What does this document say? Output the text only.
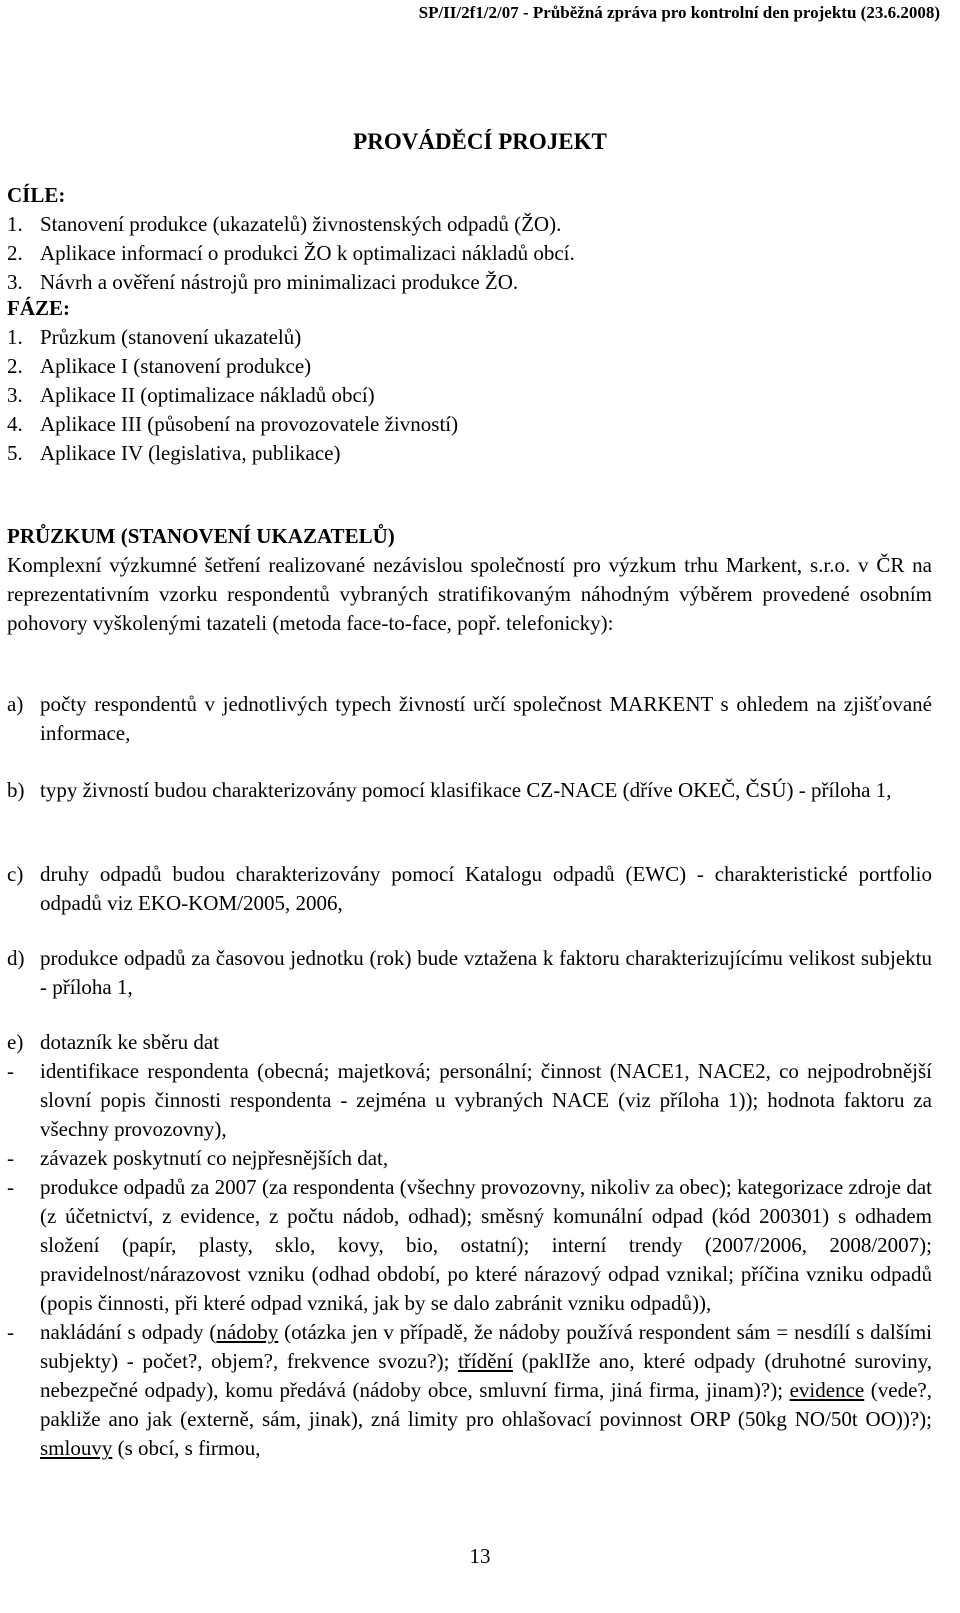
SP/II/2f1/2/07 - Průběžná zpráva pro kontrolní den projektu (23.6.2008)
PROVÁDĚCÍ PROJEKT
CÍLE:
1. Stanovení produkce (ukazatelů) živnostenských odpadů (ŽO).
2. Aplikace informací o produkci ŽO k optimalizaci nákladů obcí.
3. Návrh a ověření nástrojů pro minimalizaci produkce ŽO.
FÁZE:
1. Průzkum (stanovení ukazatelů)
2. Aplikace I (stanovení produkce)
3. Aplikace II (optimalizace nákladů obcí)
4. Aplikace III (působení na provozovatele živností)
5. Aplikace IV (legislativa, publikace)
PRŮZKUM (STANOVENÍ UKAZATELŮ)
Komplexní výzkumné šetření realizované nezávislou společností pro výzkum trhu Markent, s.r.o. v ČR na reprezentativním vzorku respondentů vybraných stratifikovaným náhodným výběrem provedené osobním pohovory vyškolenými tazateli (metoda face-to-face, popř. telefonicky):
a) počty respondentů v jednotlivých typech živností určí společnost MARKENT s ohledem na zjišťované informace,
b) typy živností budou charakterizovány pomocí klasifikace CZ-NACE (dříve OKEČ, ČSÚ) - příloha 1,
c) druhy odpadů budou charakterizovány pomocí Katalogu odpadů (EWC) - charakteristické portfolio odpadů viz EKO-KOM/2005, 2006,
d) produkce odpadů za časovou jednotku (rok) bude vztažena k faktoru charakterizujícímu velikost subjektu - příloha 1,
e) dotazník ke sběru dat
-	identifikace respondenta (obecná; majetková; personální; činnost (NACE1, NACE2, co nejpodrobnější slovní popis činnosti respondenta - zejména u vybraných NACE (viz příloha 1)); hodnota faktoru za všechny provozovny),
-	závazek poskytnutí co nejpřesnějších dat,
-	produkce odpadů za 2007 (za respondenta (všechny provozovny, nikoliv za obec); kategorizace zdroje dat (z účetnictví, z evidence, z počtu nádob, odhad); směsný komunální odpad (kód 200301) s odhadem složení (papír, plasty, sklo, kovy, bio, ostatní); interní trendy (2007/2006, 2008/2007); pravidelnost/nárazovost vzniku (odhad období, po které nárazový odpad vznikal; příčina vzniku odpadů (popis činnosti, při které odpad vzniká, jak by se dalo zabránit vzniku odpadů)),
-	nakládání s odpady (nádoby (otázka jen v případě, že nádoby používá respondent sám = nesdílí s dalšími subjekty) - počet?, objem?, frekvence svozu?); třídění (paklIže ano, které odpady (druhotné suroviny, nebezpečné odpady), komu předává (nádoby obce, smluvní firma, jiná firma, jinam)?); evidence (vede?, pakliže ano jak (externě, sám, jinak), zná limity pro ohlašovací povinnost ORP (50kg NO/50t OO))?); smlouvy (s obcí, s firmou,
13
